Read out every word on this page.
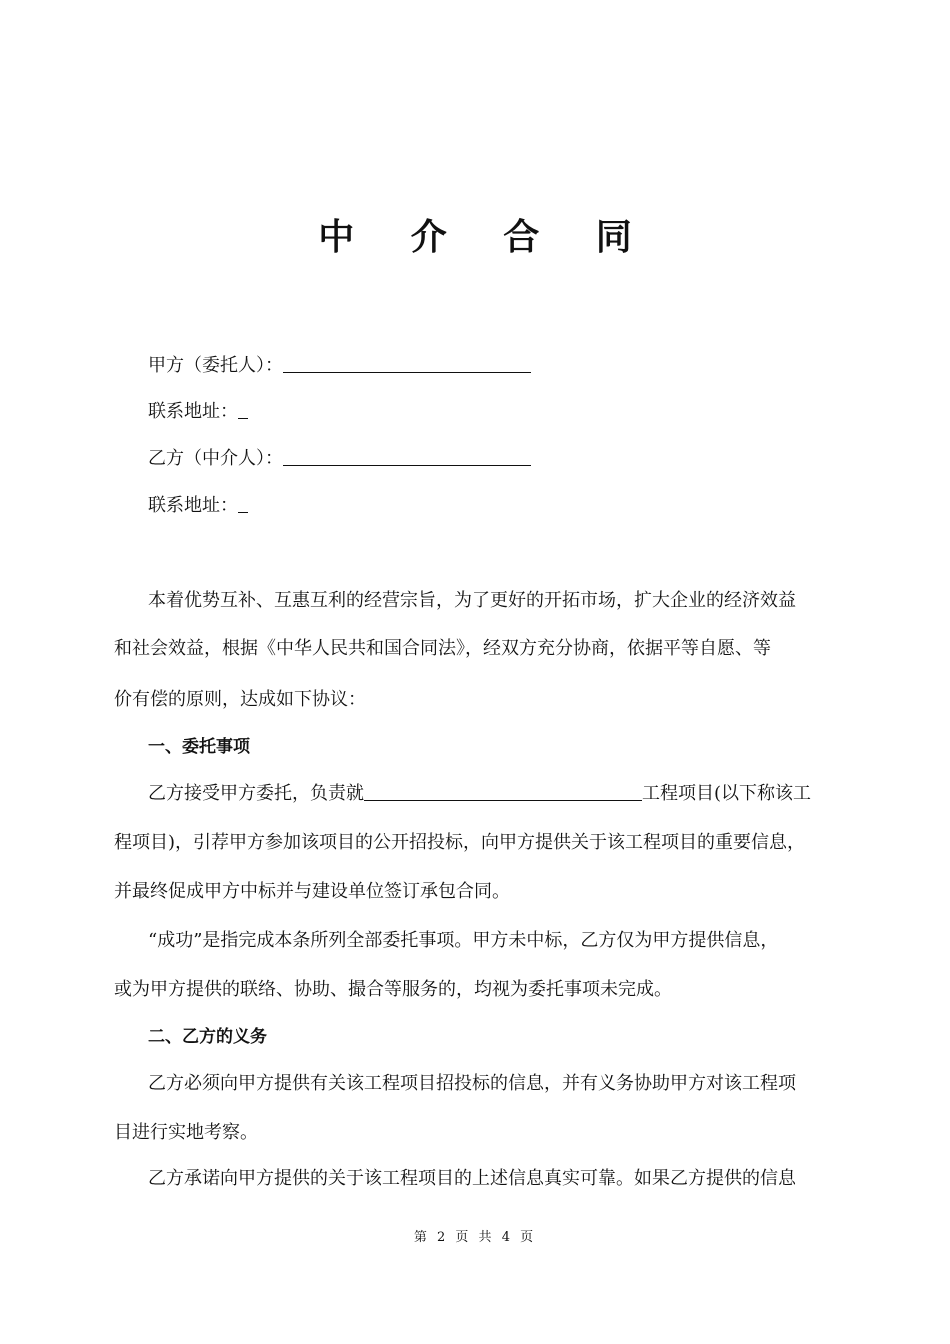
中 介 合 同
甲方（委托人）：
联系地址：
乙方（中介人）：
联系地址：
本着优势互补、互惠互利的经营宗旨，为了更好的开拓市场，扩大企业的经济效益
和社会效益，根据《中华人民共和国合同法》，经双方充分协商，依据平等自愿、等
价有偿的原则，达成如下协议：
一、委托事项
乙方接受甲方委托，负责就	工程项目(以下称该工
程项目)，引荐甲方参加该项目的公开招投标，向甲方提供关于该工程项目的重要信息，
并最终促成甲方中标并与建设单位签订承包合同。
“成功”是指完成本条所列全部委托事项。甲方未中标，乙方仅为甲方提供信息，
或为甲方提供的联络、协助、撮合等服务的，均视为委托事项未完成。
二、乙方的义务
乙方必须向甲方提供有关该工程项目招投标的信息，并有义务协助甲方对该工程项
目进行实地考察。
乙方承诺向甲方提供的关于该工程项目的上述信息真实可靠。如果乙方提供的信息
第 2 页 共 4 页
